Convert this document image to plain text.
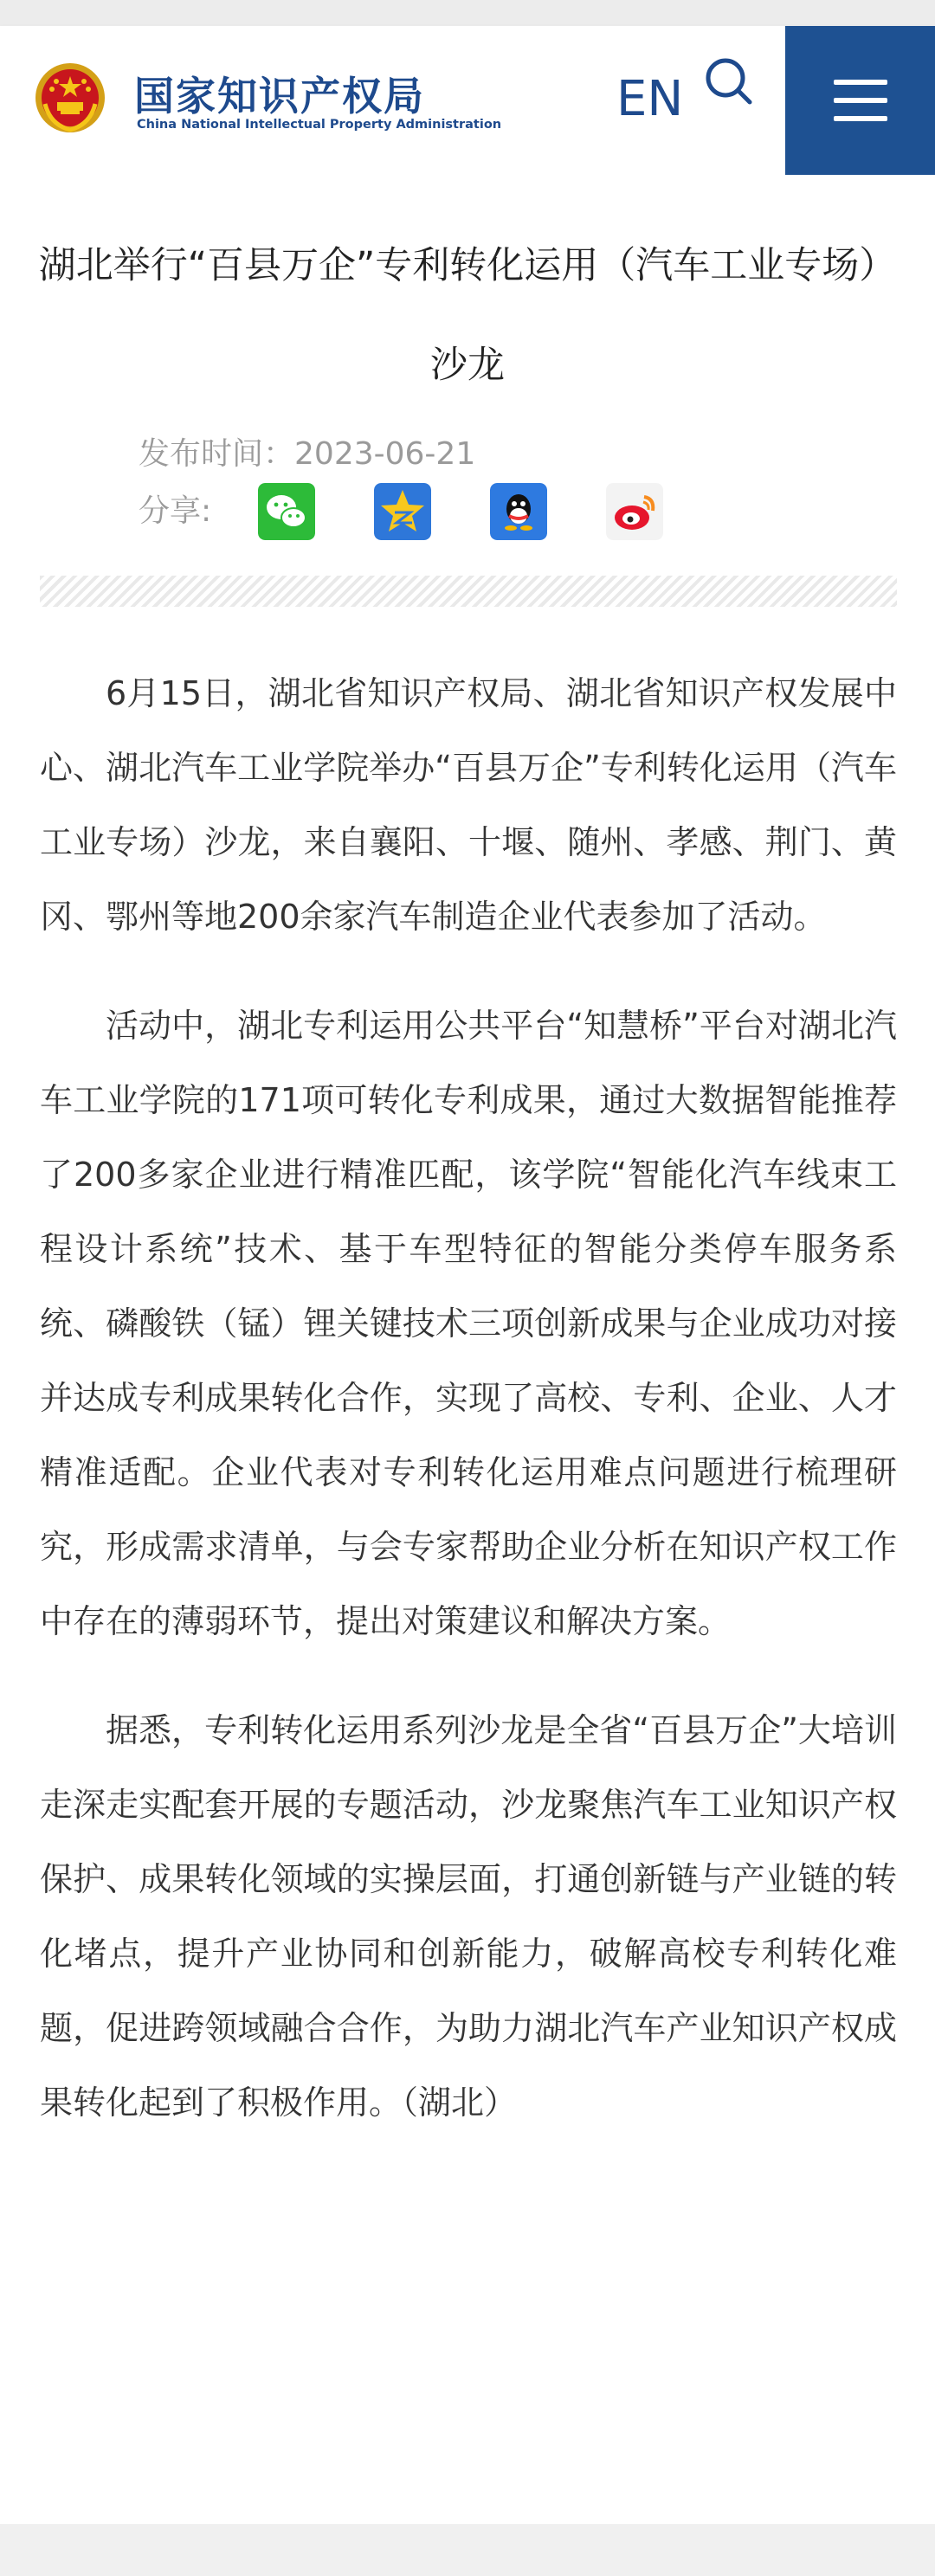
国家知识产权局
China National Intellectual Property Administration EN
湖北举行“百县万企”专利转化运用（汽车工业专场）沙龙
发布时间：2023-06-21
分享:

6月15日，湖北省知识产权局、湖北省知识产权发展中心、湖北汽车工业学院举办“百县万企”专利转化运用（汽车工业专场）沙龙，来自襄阳、十堰、随州、孝感、荆门、黄冈、鄂州等地200余家汽车制造企业代表参加了活动。

活动中，湖北专利运用公共平台“知慧桥”平台对湖北汽车工业学院的171项可转化专利成果，通过大数据智能推荐了200多家企业进行精准匹配，该学院“智能化汽车线束工程设计系统”技术、基于车型特征的智能分类停车服务系统、磷酸铁（锰）锂关键技术三项创新成果与企业成功对接并达成专利成果转化合作，实现了高校、专利、企业、人才精准适配。企业代表对专利转化运用难点问题进行梳理研究，形成需求清单，与会专家帮助企业分析在知识产权工作中存在的薄弱环节，提出对策建议和解决方案。

据悉，专利转化运用系列沙龙是全省“百县万企”大培训走深走实配套开展的专题活动，沙龙聚焦汽车工业知识产权保护、成果转化领域的实操层面，打通创新链与产业链的转化堵点，提升产业协同和创新能力，破解高校专利转化难题，促进跨领域融合合作，为助力湖北汽车产业知识产权成果转化起到了积极作用。（湖北）
